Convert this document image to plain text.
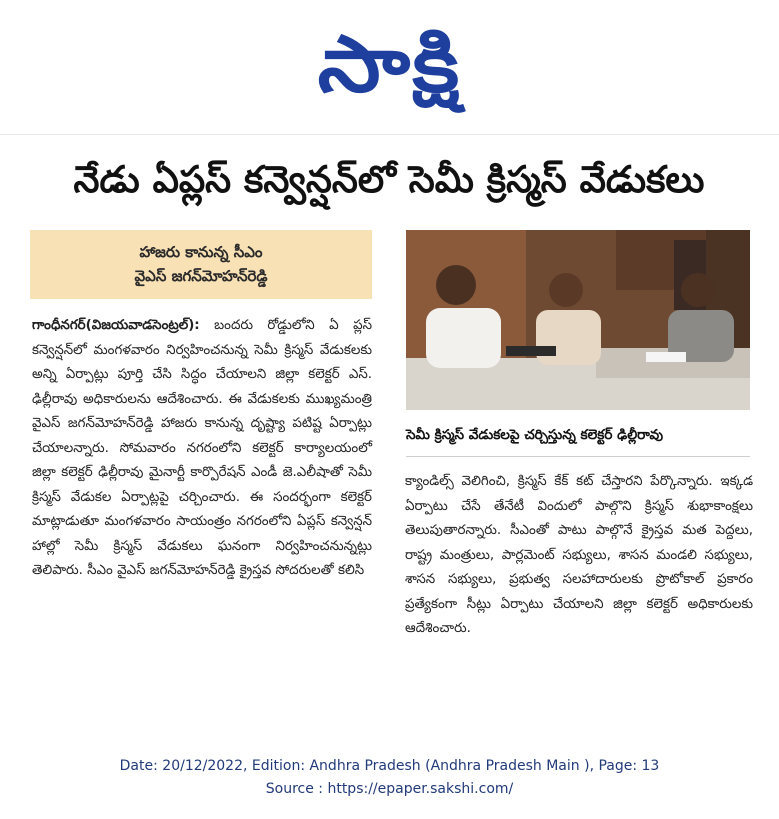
సాక్షి
నేడు ఏప్లస్ కన్వెన్షన్‌లో సెమీ క్రిస్మస్ వేడుకలు
హాజరు కానున్న సీఎం
వైఎస్ జగన్‌మోహన్‌రెడ్డి
గాంధీనగర్(విజయవాడసెంట్రల్): బందరు రోడ్డులోని ఏ ప్లస్ కన్వెన్షన్‌లో మంగళవారం నిర్వహించనున్న సెమీ క్రిస్మస్ వేడుకలకు అన్ని ఏర్పాట్లు పూర్తి చేసి సిద్ధం చేయాలని జిల్లా కలెక్టర్ ఎస్. ఢిల్లీరావు అధికారులను ఆదేశించారు. ఈ వేడుకలకు ముఖ్యమంత్రి వైఎస్ జగన్‌మోహన్‌రెడ్డి హాజరు కానున్న దృష్ట్యా పటిష్ట ఏర్పాట్లు చేయాలన్నారు. సోమవారం నగరంలోని కలెక్టర్ కార్యాలయంలో జిల్లా కలెక్టర్ ఢిల్లీరావు మైనార్టీ కార్పొరేషన్ ఎండీ జె.ఎలీషాతో సెమీ క్రిస్మస్ వేడుకల ఏర్పాట్లపై చర్చించారు. ఈ సందర్భంగా కలెక్టర్ మాట్లాడుతూ మంగళవారం సాయంత్రం నగరంలోని ఏప్లస్ కన్వెన్షన్ హాల్లో సెమీ క్రిస్మస్ వేడుకలు ఘనంగా నిర్వహించనున్నట్లు తెలిపారు. సీఎం వైఎస్ జగన్‌మోహన్‌రెడ్డి క్రైస్తవ సోదరులతో కలిసి
సెమీ క్రిస్మస్ వేడుకలపై చర్చిస్తున్న కలెక్టర్ ఢిల్లీరావు
క్యాండిల్స్ వెలిగించి, క్రిస్మస్ కేక్ కట్ చేస్తారని పేర్కొన్నారు. ఇక్కడ ఏర్పాటు చేసే తేనేటీ విందులో పాల్గొని క్రిస్మస్ శుభాకాంక్షలు తెలుపుతారన్నారు. సీఎంతో పాటు పాల్గొనే క్రైస్తవ మత పెద్దలు, రాష్ట్ర మంత్రులు, పార్లమెంట్ సభ్యులు, శాసన మండలి సభ్యులు, శాసన సభ్యులు, ప్రభుత్వ సలహాదారులకు ప్రొటోకాల్ ప్రకారం ప్రత్యేకంగా సీట్లు ఏర్పాటు చేయాలని జిల్లా కలెక్టర్ అధికారులకు ఆదేశించారు.
Date: 20/12/2022, Edition: Andhra Pradesh (Andhra Pradesh Main ), Page: 13
Source : https://epaper.sakshi.com/
